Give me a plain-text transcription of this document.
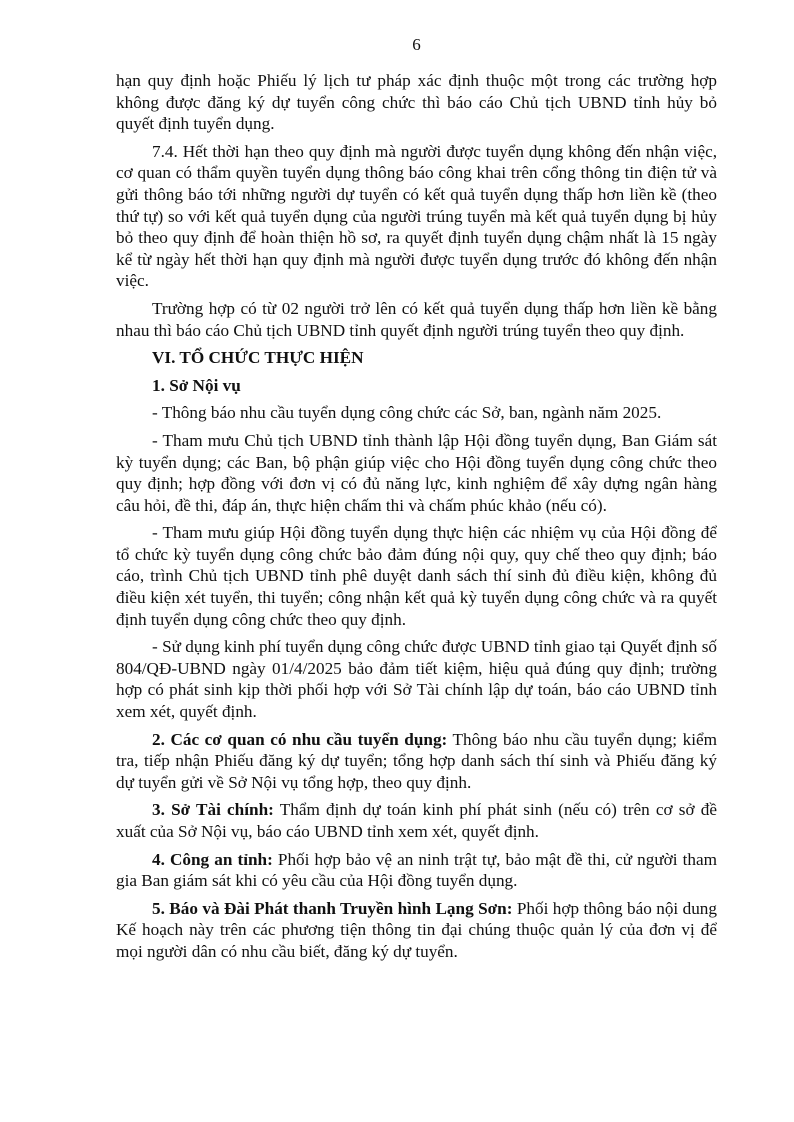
6

hạn quy định hoặc Phiếu lý lịch tư pháp xác định thuộc một trong các trường hợp không được đăng ký dự tuyển công chức thì báo cáo Chủ tịch UBND tỉnh hủy bỏ quyết định tuyển dụng.

7.4. Hết thời hạn theo quy định mà người được tuyển dụng không đến nhận việc, cơ quan có thẩm quyền tuyển dụng thông báo công khai trên cổng thông tin điện tử và gửi thông báo tới những người dự tuyển có kết quả tuyển dụng thấp hơn liền kề (theo thứ tự) so với kết quả tuyển dụng của người trúng tuyển mà kết quả tuyển dụng bị hủy bỏ theo quy định để hoàn thiện hồ sơ, ra quyết định tuyển dụng chậm nhất là 15 ngày kể từ ngày hết thời hạn quy định mà người được tuyển dụng trước đó không đến nhận việc.

Trường hợp có từ 02 người trở lên có kết quả tuyển dụng thấp hơn liền kề bằng nhau thì báo cáo Chủ tịch UBND tỉnh quyết định người trúng tuyển theo quy định.

VI. TỔ CHỨC THỰC HIỆN

1. Sở Nội vụ

- Thông báo nhu cầu tuyển dụng công chức các Sở, ban, ngành năm 2025.

- Tham mưu Chủ tịch UBND tỉnh thành lập Hội đồng tuyển dụng, Ban Giám sát kỳ tuyển dụng; các Ban, bộ phận giúp việc cho Hội đồng tuyển dụng công chức theo quy định; hợp đồng với đơn vị có đủ năng lực, kinh nghiệm để xây dựng ngân hàng câu hỏi, đề thi, đáp án, thực hiện chấm thi và chấm phúc khảo (nếu có).

- Tham mưu giúp Hội đồng tuyển dụng thực hiện các nhiệm vụ của Hội đồng để tổ chức kỳ tuyển dụng công chức bảo đảm đúng nội quy, quy chế theo quy định; báo cáo, trình Chủ tịch UBND tỉnh phê duyệt danh sách thí sinh đủ điều kiện, không đủ điều kiện xét tuyển, thi tuyển; công nhận kết quả kỳ tuyển dụng công chức và ra quyết định tuyển dụng công chức theo quy định.

- Sử dụng kinh phí tuyển dụng công chức được UBND tỉnh giao tại Quyết định số 804/QĐ-UBND ngày 01/4/2025 bảo đảm tiết kiệm, hiệu quả đúng quy định; trường hợp có phát sinh kịp thời phối hợp với Sở Tài chính lập dự toán, báo cáo UBND tỉnh xem xét, quyết định.

2. Các cơ quan có nhu cầu tuyển dụng: Thông báo nhu cầu tuyển dụng; kiểm tra, tiếp nhận Phiếu đăng ký dự tuyển; tổng hợp danh sách thí sinh và Phiếu đăng ký dự tuyển gửi về Sở Nội vụ tổng hợp, theo quy định.

3. Sở Tài chính: Thẩm định dự toán kinh phí phát sinh (nếu có) trên cơ sở đề xuất của Sở Nội vụ, báo cáo UBND tỉnh xem xét, quyết định.

4. Công an tỉnh: Phối hợp bảo vệ an ninh trật tự, bảo mật đề thi, cử người tham gia Ban giám sát khi có yêu cầu của Hội đồng tuyển dụng.

5. Báo và Đài Phát thanh Truyền hình Lạng Sơn: Phối hợp thông báo nội dung Kế hoạch này trên các phương tiện thông tin đại chúng thuộc quản lý của đơn vị để mọi người dân có nhu cầu biết, đăng ký dự tuyển.
